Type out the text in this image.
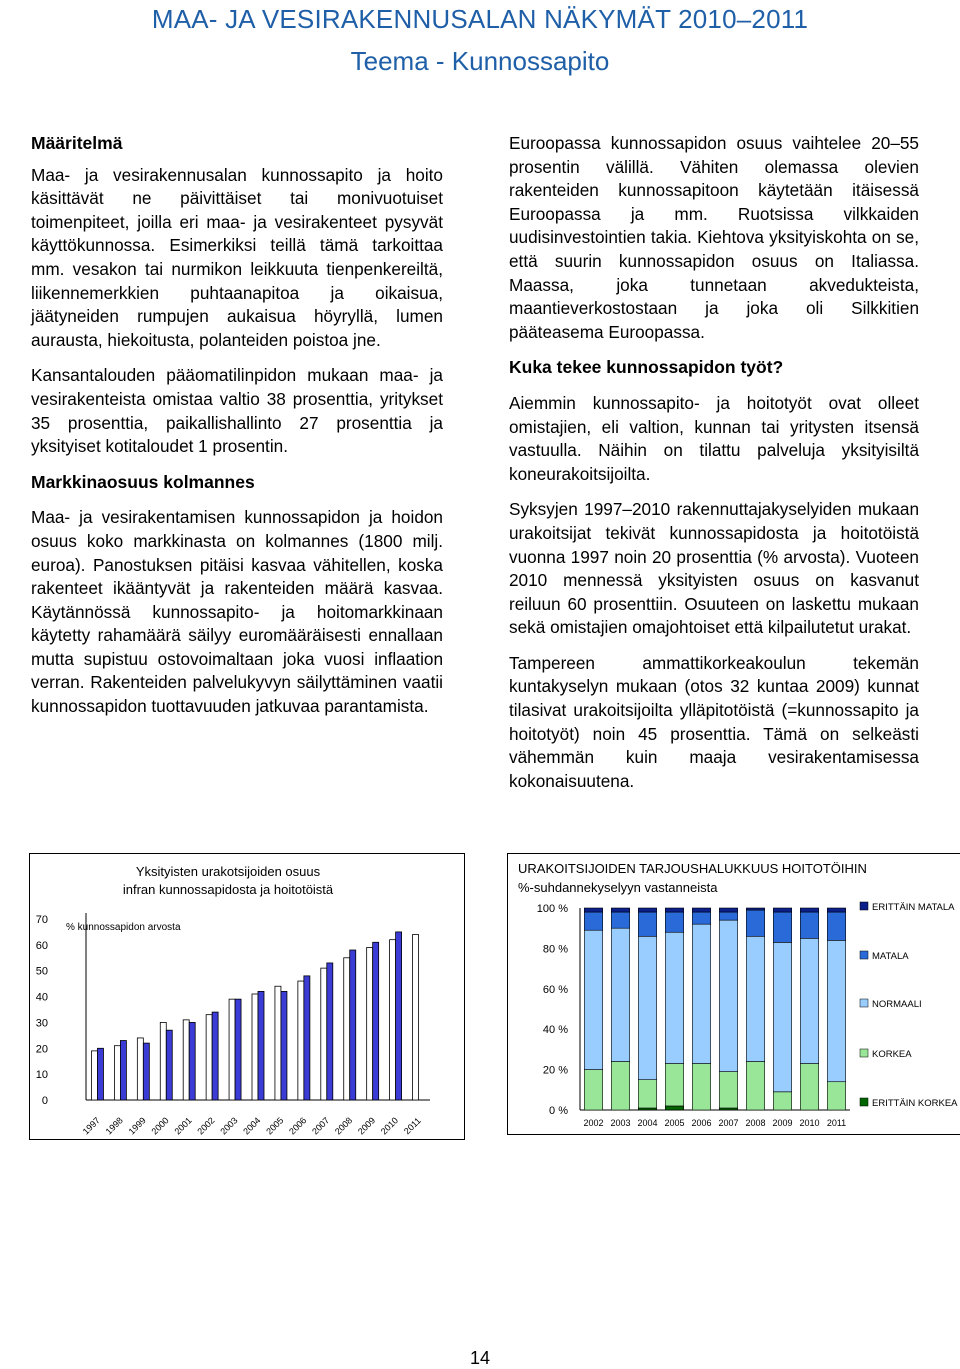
MAA- JA VESIRAKENNUSALAN NÄKYMÄT 2010–2011
Teema - Kunnossapito
Määritelmä

Maa- ja vesirakennusalan kunnossapito ja hoito käsittävät ne päivittäiset tai monivuotuiset toimenpiteet, joilla eri maa- ja vesirakenteet pysyvät käyttökunnossa. Esimerkiksi teillä tämä tarkoittaa mm. vesakon tai nurmikon leikkuuta tienpenkereiltä, liikennemerkkien puhtaanapitoa ja oikaisua, jäätyneiden rumpujen aukaisua höyryllä, lumen aurausta, hiekoitusta, polanteiden poistoa jne.

Kansantalouden pääomatilinpidon mukaan maa- ja vesirakenteista omistaa valtio 38 prosenttia, yritykset 35 prosenttia, paikallishallinto 27 prosenttia ja yksityiset kotitaloudet 1 prosentin.

Markkinaosuus kolmannes

Maa- ja vesirakentamisen kunnossapidon ja hoidon osuus koko markkinasta on kolmannes (1800 milj. euroa). Panostuksen pitäisi kasvaa vähitellen, koska rakenteet ikääntyvät ja rakenteiden määrä kasvaa. Käytännössä kunnossapito- ja hoitomarkkinaan käytetty rahamäärä säilyy euromääräisesti ennallaan mutta supistuu ostovoimaltaan joka vuosi inflaation verran. Rakenteiden palvelukyvyn säilyttäminen vaatii kunnossapidon tuottavuuden jatkuvaa parantamista.

Euroopassa kunnossapidon osuus vaihtelee 20–55 prosentin välillä. Vähiten olemassa olevien rakenteiden kunnossapitoon käytetään itäisessä Euroopassa ja mm. Ruotsissa vilkkaiden uudisinvestointien takia. Kiehtova yksityiskohta on se, että suurin kunnossapidon osuus on Italiassa. Maassa, joka tunnetaan akvedukteista, maantieverkostostaan ja joka oli Silkkitien pääteasema Euroopassa.

Kuka tekee kunnossapidon työt?

Aiemmin kunnossapito- ja hoitotyöt ovat olleet omistajien, eli valtion, kunnan tai yritysten itsensä vastuulla. Näihin on tilattu palveluja yksityisiltä koneurakoitsijoilta.

Syksyjen 1997–2010 rakennuttajakyselyiden mukaan urakoitsijat tekivät kunnossapidosta ja hoitotöistä vuonna 1997 noin 20 prosenttia (% arvosta). Vuoteen 2010 mennessä yksityisten osuus on kasvanut reiluun 60 prosenttiin. Osuuteen on laskettu mukaan sekä omistajien omajohtoiset että kilpailutetut urakat.

Tampereen ammattikorkeakoulun tekemän kuntakyselyn mukaan (otos 32 kuntaa 2009) kunnat tilasivat urakoitsijoilta ylläpitotöistä (=kunnossapito ja hoitotyöt) noin 45 prosenttia. Tämä on selkeästi vähemmän kuin maaja vesirakentamisessa kokonaisuutena.

Yksityisten urakotsijoiden osuus
infran kunnossapidosta ja hoitotöistä
% kunnossapidon arvosta
0
10
20
30
40
50
60
70
1997 1998 1999 2000 2001 2002 2003 2004 2005 2006 2007 2008 2009 2010 2011
URAKOITSIJOIDEN TARJOUSHALUKKUUS HOITOTÖIHIN
%-suhdannekyselyyn vastanneista
0 %
20 %
40 %
60 %
80 %
100 %
2002 2003 2004 2005 2006 2007 2008 2009 2010 2011
ERITTÄIN MATALA
MATALA
NORMAALI
KORKEA
ERITTÄIN KORKEA
14
